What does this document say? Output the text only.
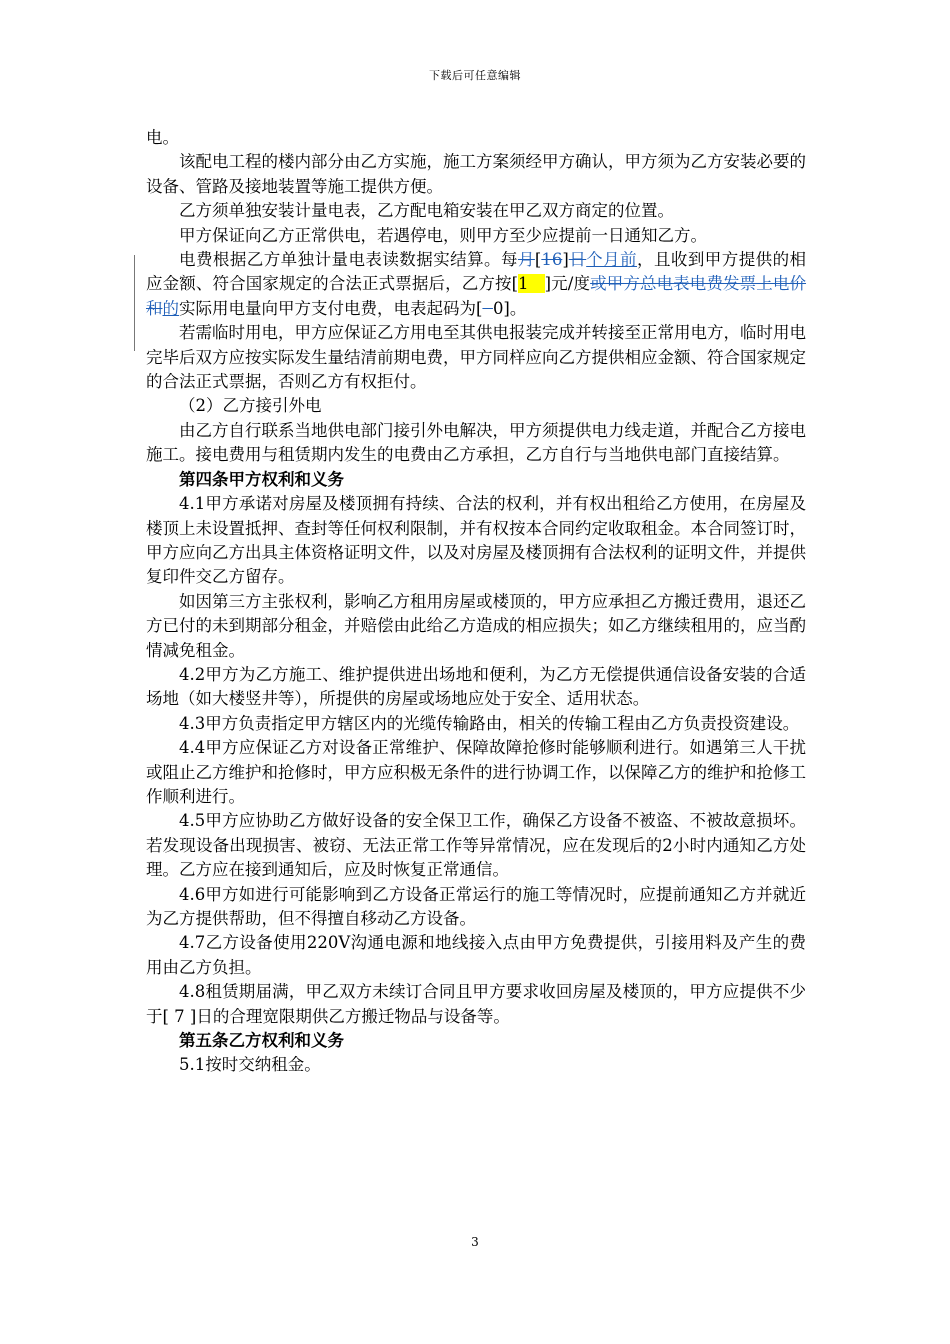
下载后可任意编辑

电。

该配电工程的楼内部分由乙方实施，施工方案须经甲方确认，甲方须为乙方安装必要的设备、管路及接地装置等施工提供方便。

乙方须单独安装计量电表，乙方配电箱安装在甲乙双方商定的位置。

甲方保证向乙方正常供电，若遇停电，则甲方至少应提前一日通知乙方。

电费根据乙方单独计量电表读数据实结算。每月[16]日个月前，且收到甲方提供的相应金额、符合国家规定的合法正式票据后，乙方按[1 ]元/度或甲方总电表电费发票上电价和的实际用电量向甲方支付电费，电表起码为[ 0]。

若需临时用电，甲方应保证乙方用电至其供电报装完成并转接至正常用电方，临时用电完毕后双方应按实际发生量结清前期电费，甲方同样应向乙方提供相应金额、符合国家规定的合法正式票据，否则乙方有权拒付。

（2）乙方接引外电

由乙方自行联系当地供电部门接引外电解决，甲方须提供电力线走道，并配合乙方接电施工。接电费用与租赁期内发生的电费由乙方承担，乙方自行与当地供电部门直接结算。

第四条甲方权利和义务

4.1甲方承诺对房屋及楼顶拥有持续、合法的权利，并有权出租给乙方使用，在房屋及楼顶上未设置抵押、查封等任何权利限制，并有权按本合同约定收取租金。本合同签订时，甲方应向乙方出具主体资格证明文件，以及对房屋及楼顶拥有合法权利的证明文件，并提供复印件交乙方留存。

如因第三方主张权利，影响乙方租用房屋或楼顶的，甲方应承担乙方搬迁费用，退还乙方已付的未到期部分租金，并赔偿由此给乙方造成的相应损失；如乙方继续租用的，应当酌情减免租金。

4.2甲方为乙方施工、维护提供进出场地和便利，为乙方无偿提供通信设备安装的合适场地（如大楼竖井等），所提供的房屋或场地应处于安全、适用状态。

4.3甲方负责指定甲方辖区内的光缆传输路由，相关的传输工程由乙方负责投资建设。

4.4甲方应保证乙方对设备正常维护、保障故障抢修时能够顺利进行。如遇第三人干扰或阻止乙方维护和抢修时，甲方应积极无条件的进行协调工作，以保障乙方的维护和抢修工作顺利进行。

4.5甲方应协助乙方做好设备的安全保卫工作，确保乙方设备不被盗、不被故意损坏。若发现设备出现损害、被窃、无法正常工作等异常情况，应在发现后的2小时内通知乙方处理。乙方应在接到通知后，应及时恢复正常通信。

4.6甲方如进行可能影响到乙方设备正常运行的施工等情况时，应提前通知乙方并就近为乙方提供帮助，但不得擅自移动乙方设备。

4.7乙方设备使用220V沟通电源和地线接入点由甲方免费提供，引接用料及产生的费用由乙方负担。

4.8租赁期届满，甲乙双方未续订合同且甲方要求收回房屋及楼顶的，甲方应提供不少于[ 7 ]日的合理宽限期供乙方搬迁物品与设备等。

第五条乙方权利和义务

5.1按时交纳租金。

3
